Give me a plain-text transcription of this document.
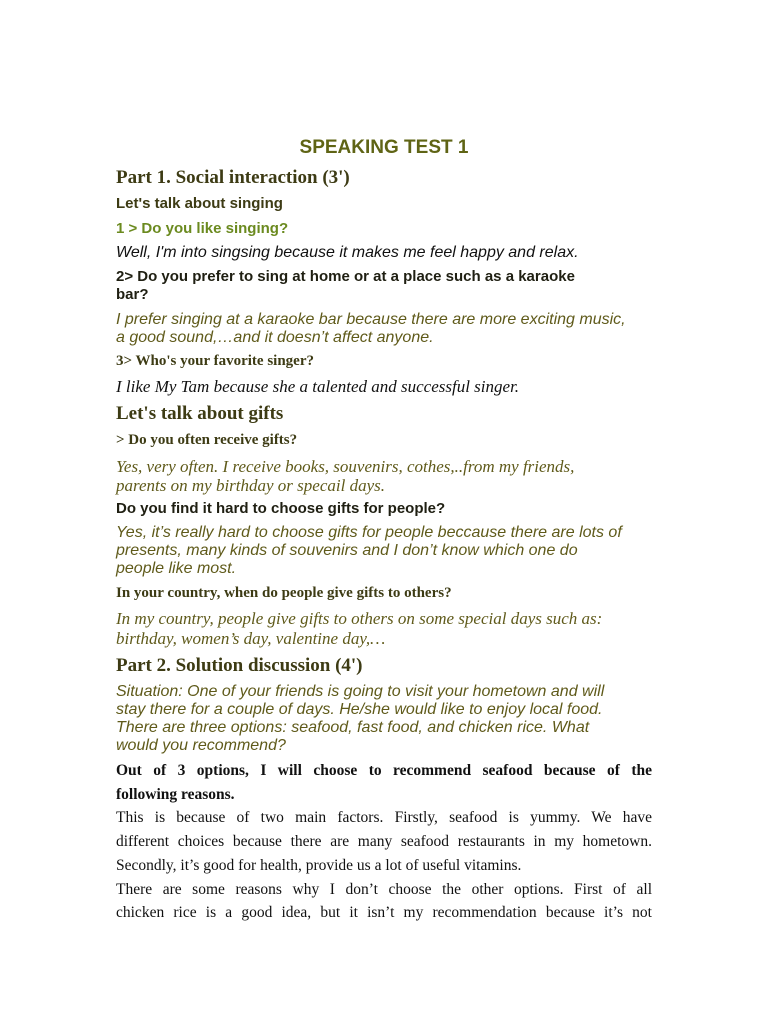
SPEAKING TEST 1
Part 1. Social interaction (3')

Let's talk about singing

1 > Do you like singing?

Well, I'm into singsing because it makes me feel happy and relax.

2> Do you prefer to sing at home or at a place such as a karaoke

bar?

I prefer singing at a karaoke bar because there are more exciting music,

a good sound,…and it doesn’t affect anyone.

3> Who's your favorite singer?

I like My Tam because she a talented and successful singer.

Let's talk about gifts

> Do you often receive gifts?

Yes, very often. I receive books, souvenirs, cothes,..from my friends,

parents on my birthday or specail days.

Do you find it hard to choose gifts for people?

Yes, it’s really hard to choose gifts for people beccause there are lots of

presents, many kinds of souvenirs and I don’t know which one do

people like most.

In your country, when do people give gifts to others?

In my country, people give gifts to others on some special days such as:

birthday, women’s day, valentine day,…

Part 2. Solution discussion (4')

Situation: One of your friends is going to visit your hometown and will

stay there for a couple of days. He/she would like to enjoy local food.

There are three options: seafood, fast food, and chicken rice. What

would you recommend?

Out of 3 options, I will choose to recommend seafood because of the

following reasons.

This is because of two main factors. Firstly, seafood is yummy. We have

different choices because there are many seafood restaurants in my hometown.

Secondly, it’s good for health, provide us a lot of useful vitamins.

There are some reasons why I don’t choose the other options. First of all

chicken rice is a good idea, but it isn’t my recommendation because it’s not
